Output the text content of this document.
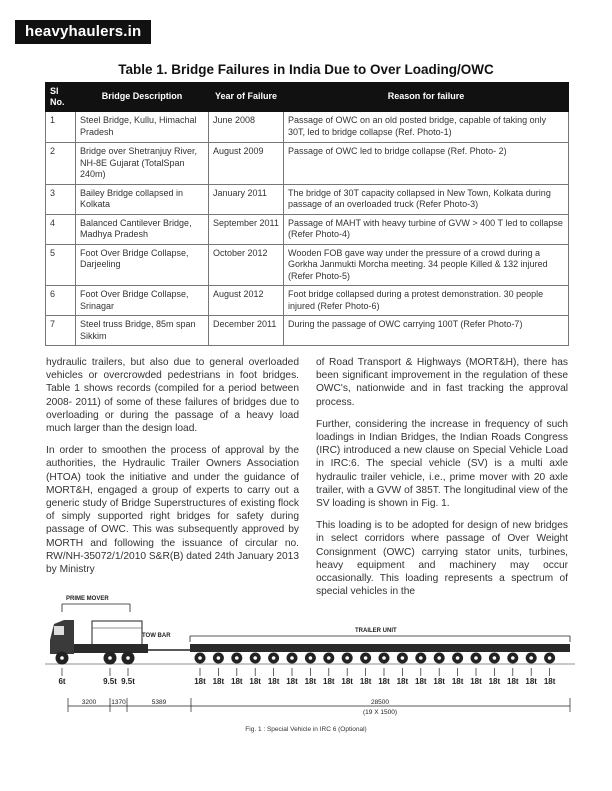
heavyhaulers.in
Table 1. Bridge Failures in India Due to Over Loading/OWC
Sl No.	Bridge Description	Year of Failure	Reason for failure
1	Steel Bridge, Kullu, Himachal Pradesh	June 2008	Passage of OWC on an old posted bridge, capable of taking only 30T, led to bridge collapse (Ref. Photo-1)
2	Bridge over Shetranjuy River, NH-8E Gujarat (TotalSpan 240m)	August 2009	Passage of OWC led to bridge collapse (Ref. Photo- 2)
3	Bailey Bridge collapsed in Kolkata	January 2011	The bridge of 30T capacity collapsed in New Town, Kolkata during passage of an overloaded truck (Refer Photo-3)
4	Balanced Cantilever Bridge, Madhya Pradesh	September 2011	Passage of MAHT with heavy turbine of GVW > 400 T led to collapse (Refer Photo-4)
5	Foot Over Bridge Collapse, Darjeeling	October 2012	Wooden FOB gave way under the pressure of a crowd during a Gorkha Janmukti Morcha meeting. 34 people Killed & 132 injured (Refer Photo-5)
6	Foot Over Bridge Collapse, Srinagar	August 2012	Foot bridge collapsed during a protest demonstration. 30 people injured (Refer Photo-6)
7	Steel truss Bridge, 85m span Sikkim	December 2011	During the passage of OWC carrying 100T (Refer Photo-7)

hydraulic trailers, but also due to general overloaded vehicles or overcrowded pedestrians in foot bridges. Table 1 shows records (compiled for a period between 2008- 2011) of some of these failures of bridges due to overloading or during the passage of a heavy load much larger than the design load.

In order to smoothen the process of approval by the authorities, the Hydraulic Trailer Owners Association (HTOA) took the initiative and under the guidance of MORT&H, engaged a group of experts to carry out a generic study of Bridge Superstructures of existing flock of simply supported right bridges for safety during passage of OWC. This was subsequently approved by MORTH and following the issuance of circular no. RW/NH-35072/1/2010 S&R(B) dated 24th January 2013 by Ministry

of Road Transport & Highways (MORT&H), there has been significant improvement in the regulation of these OWC's, nationwide and in fast tracking the approval process.

Further, considering the increase in frequency of such loadings in Indian Bridges, the Indian Roads Congress (IRC) introduced a new clause on Special Vehicle Load in IRC:6. The special vehicle (SV) is a multi axle hydraulic trailer vehicle, i.e., prime mover with 20 axle trailer, with a GVW of 385T. The longitudinal view of the SV loading is shown in Fig. 1.

This loading is to be adopted for design of new bridges in select corridors where passage of Over Weight Consignment (OWC) carrying stator units, turbines, heavy equipment and machinery may occur occasionally. This loading represents a spectrum of special vehicles in the

PRIME MOVER
TOW BAR
TRAILER UNIT
6t	9.5t 9.5t	18t 18t 18t 18t 18t 18t 18t 18t 18t 18t 18t 18t 18t 18t 18t 18t 18t 18t 18t 18t
3200 1370	5389	28500
(19 X 1500)
Fig. 1 : Special Vehicle in IRC 6 (Optional)
